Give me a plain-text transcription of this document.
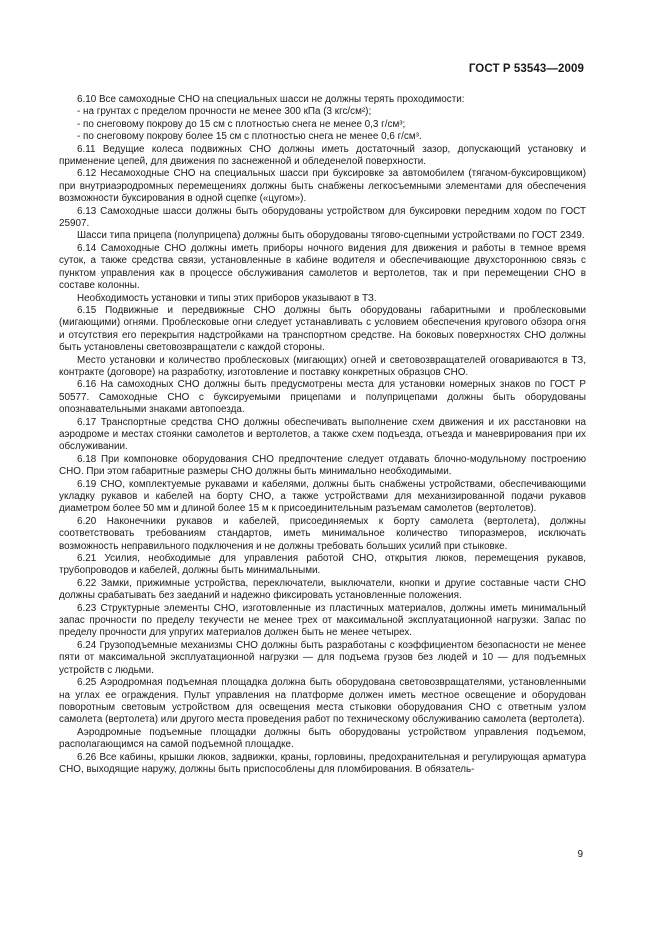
ГОСТ Р 53543—2009

6.10 Все самоходные СНО на специальных шасси не должны терять проходимости:

- на грунтах с пределом прочности не менее 300 кПа (3 кгс/см²);

- по снеговому покрову до 15 см с плотностью снега не менее 0,3 г/см³;

- по снеговому покрову более 15 см с плотностью снега не менее 0,6 г/см³.

6.11 Ведущие колеса подвижных СНО должны иметь достаточный зазор, допускающий установку и применение цепей, для движения по заснеженной и обледенелой поверхности.

6.12 Несамоходные СНО на специальных шасси при буксировке за автомобилем (тягачом-буксировщиком) при внутриаэродромных перемещениях должны быть снабжены легкосъемными элементами для обеспечения возможности буксирования в одной сцепке («цугом»).

6.13 Самоходные шасси должны быть оборудованы устройством для буксировки передним ходом по ГОСТ 25907.

Шасси типа прицепа (полуприцепа) должны быть оборудованы тягово-сцепными устройствами по ГОСТ 2349.

6.14 Самоходные СНО должны иметь приборы ночного видения для движения и работы в темное время суток, а также средства связи, установленные в кабине водителя и обеспечивающие двухстороннюю связь с пунктом управления как в процессе обслуживания самолетов и вертолетов, так и при перемещении СНО в составе колонны.

Необходимость установки и типы этих приборов указывают в ТЗ.

6.15 Подвижные и передвижные СНО должны быть оборудованы габаритными и проблесковыми (мигающими) огнями. Проблесковые огни следует устанавливать с условием обеспечения кругового обзора огня и отсутствия его перекрытия надстройками на транспортном средстве. На боковых поверхностях СНО должны быть установлены световозвращатели с каждой стороны.

Место установки и количество проблесковых (мигающих) огней и световозвращателей оговариваются в ТЗ, контракте (договоре) на разработку, изготовление и поставку конкретных образцов СНО.

6.16 На самоходных СНО должны быть предусмотрены места для установки номерных знаков по ГОСТ Р 50577. Самоходные СНО с буксируемыми прицепами и полуприцепами должны быть оборудованы опознавательными знаками автопоезда.

6.17 Транспортные средства СНО должны обеспечивать выполнение схем движения и их расстановки на аэродроме и местах стоянки самолетов и вертолетов, а также схем подъезда, отъезда и маневрирования при их обслуживании.

6.18 При компоновке оборудования СНО предпочтение следует отдавать блочно-модульному построению СНО. При этом габаритные размеры СНО должны быть минимально необходимыми.

6.19 СНО, комплектуемые рукавами и кабелями, должны быть снабжены устройствами, обеспечивающими укладку рукавов и кабелей на борту СНО, а также устройствами для механизированной подачи рукавов диаметром более 50 мм и длиной более 15 м к присоединительным разъемам самолетов (вертолетов).

6.20 Наконечники рукавов и кабелей, присоединяемых к борту самолета (вертолета), должны соответствовать требованиям стандартов, иметь минимальное количество типоразмеров, исключать возможность неправильного подключения и не должны требовать больших усилий при стыковке.

6.21 Усилия, необходимые для управления работой СНО, открытия люков, перемещения рукавов, трубопроводов и кабелей, должны быть минимальными.

6.22 Замки, прижимные устройства, переключатели, выключатели, кнопки и другие составные части СНО должны срабатывать без заеданий и надежно фиксировать установленные положения.

6.23 Структурные элементы СНО, изготовленные из пластичных материалов, должны иметь минимальный запас прочности по пределу текучести не менее трех от максимальной эксплуатационной нагрузки. Запас по пределу прочности для упругих материалов должен быть не менее четырех.

6.24 Грузоподъемные механизмы СНО должны быть разработаны с коэффициентом безопасности не менее пяти от максимальной эксплуатационной нагрузки — для подъема грузов без людей и 10 — для подъемных устройств с людьми.

6.25 Аэродромная подъемная площадка должна быть оборудована световозвращателями, установленными на углах ее ограждения. Пульт управления на платформе должен иметь местное освещение и оборудован поворотным световым устройством для освещения места стыковки оборудования СНО с ответным узлом самолета (вертолета) или другого места проведения работ по техническому обслуживанию самолета (вертолета).

Аэродромные подъемные площадки должны быть оборудованы устройством управления подъемом, располагающимся на самой подъемной площадке.

6.26 Все кабины, крышки люков, задвижки, краны, горловины, предохранительная и регулирующая арматура СНО, выходящие наружу, должны быть приспособлены для пломбирования. В обязатель-

9
